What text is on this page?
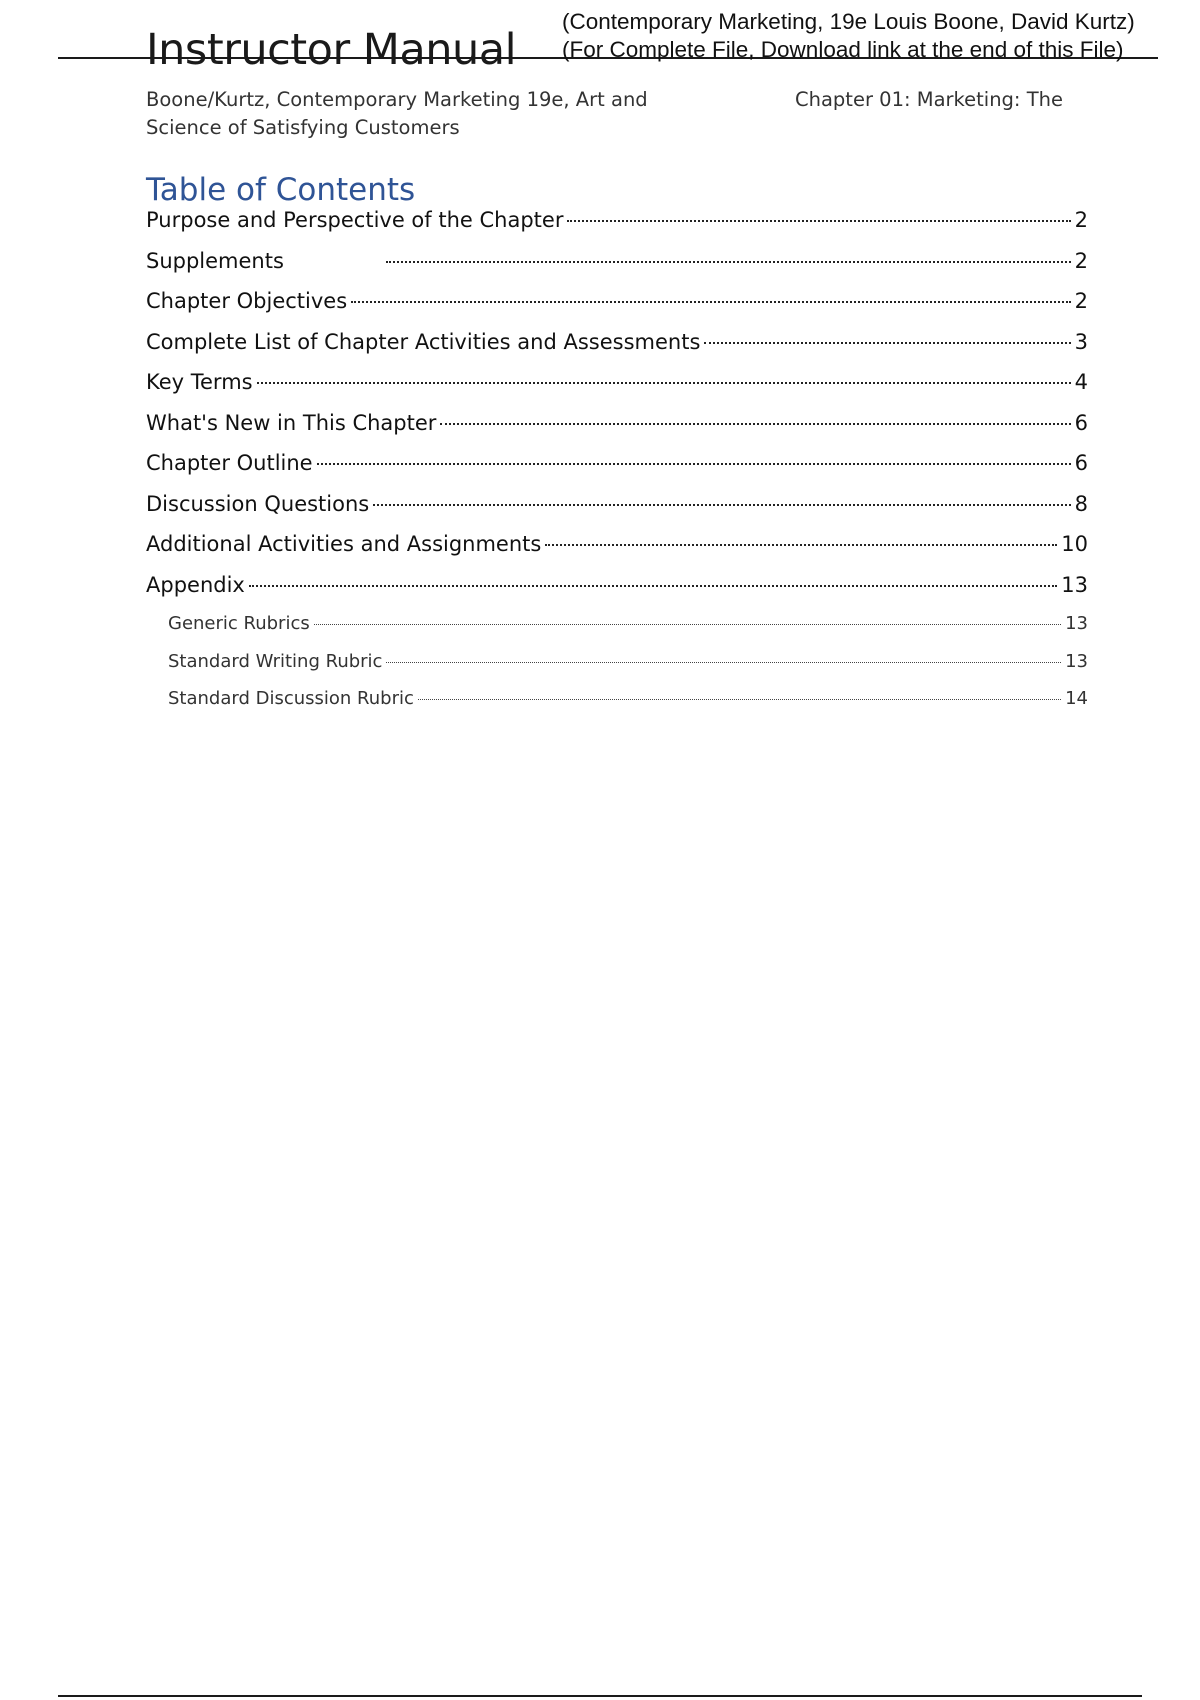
Instructor Manual
(Contemporary Marketing, 19e Louis Boone, David Kurtz)
(For Complete File, Download link at the end of this File)
Boone/Kurtz, Contemporary Marketing 19e, Art and Science of Satisfying Customers
Chapter 01: Marketing: The
Table of Contents
Purpose and Perspective of the Chapter	2
Supplements	2
Chapter Objectives	2
Complete List of Chapter Activities and Assessments	3
Key Terms	4
What's New in This Chapter	6
Chapter Outline	6
Discussion Questions	8
Additional Activities and Assignments	10
Appendix	13
Generic Rubrics	13
Standard Writing Rubric	13
Standard Discussion Rubric	14
